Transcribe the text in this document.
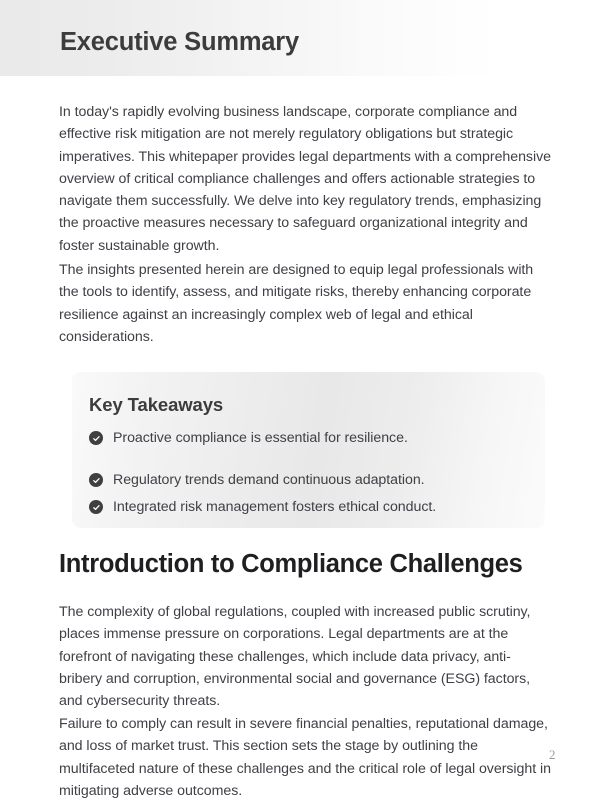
Executive Summary

In today's rapidly evolving business landscape, corporate compliance and effective risk mitigation are not merely regulatory obligations but strategic imperatives. This whitepaper provides legal departments with a comprehensive overview of critical compliance challenges and offers actionable strategies to navigate them successfully. We delve into key regulatory trends, emphasizing the proactive measures necessary to safeguard organizational integrity and foster sustainable growth.

The insights presented herein are designed to equip legal professionals with the tools to identify, assess, and mitigate risks, thereby enhancing corporate resilience against an increasingly complex web of legal and ethical considerations.

Key Takeaways
Proactive compliance is essential for resilience.
Regulatory trends demand continuous adaptation.
Integrated risk management fosters ethical conduct.
Introduction to Compliance Challenges

The complexity of global regulations, coupled with increased public scrutiny, places immense pressure on corporations. Legal departments are at the forefront of navigating these challenges, which include data privacy, anti-bribery and corruption, environmental social and governance (ESG) factors, and cybersecurity threats.

Failure to comply can result in severe financial penalties, reputational damage, and loss of market trust. This section sets the stage by outlining the multifaceted nature of these challenges and the critical role of legal oversight in mitigating adverse outcomes.

2
